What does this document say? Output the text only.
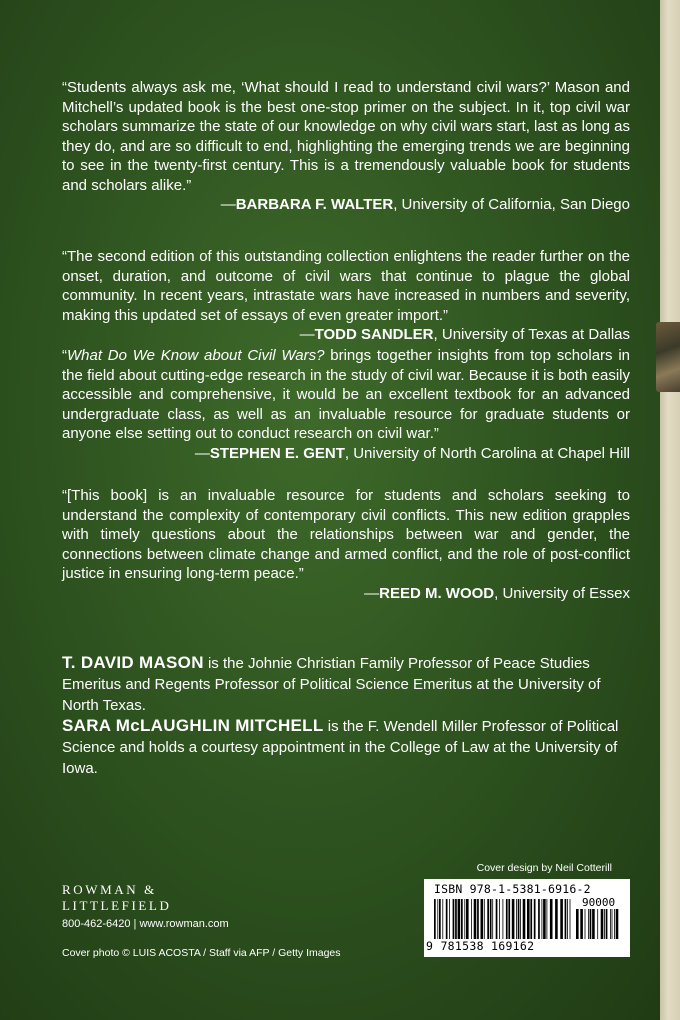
“Students always ask me, ‘What should I read to understand civil wars?’ Mason and Mitchell’s updated book is the best one-stop primer on the subject. In it, top civil war scholars summarize the state of our knowledge on why civil wars start, last as long as they do, and are so difficult to end, highlighting the emerging trends we are beginning to see in the twenty-first century. This is a tremendously valuable book for students and scholars alike.”
—BARBARA F. WALTER, University of California, San Diego
“The second edition of this outstanding collection enlightens the reader further on the onset, duration, and outcome of civil wars that continue to plague the global community. In recent years, intrastate wars have increased in numbers and severity, making this updated set of essays of even greater import.”
—TODD SANDLER, University of Texas at Dallas
“What Do We Know about Civil Wars? brings together insights from top scholars in the field about cutting-edge research in the study of civil war. Because it is both easily accessible and comprehensive, it would be an excellent textbook for an advanced undergraduate class, as well as an invaluable resource for graduate students or anyone else setting out to conduct research on civil war.”
—STEPHEN E. GENT, University of North Carolina at Chapel Hill
“[This book] is an invaluable resource for students and scholars seeking to understand the complexity of contemporary civil conflicts. This new edition grapples with timely questions about the relationships between war and gender, the connections between climate change and armed conflict, and the role of post-conflict justice in ensuring long-term peace.”
—REED M. WOOD, University of Essex
T. DAVID MASON is the Johnie Christian Family Professor of Peace Studies Emeritus and Regents Professor of Political Science Emeritus at the University of North Texas.
SARA McLAUGHLIN MITCHELL is the F. Wendell Miller Professor of Political Science and holds a courtesy appointment in the College of Law at the University of Iowa.
Cover design by Neil Cotterill
ISBN 978-1-5381-6916-2
90000
9 781538 169162
ROWMAN &
LITTLEFIELD
800-462-6420 | www.rowman.com
Cover photo © LUIS ACOSTA / Staff via AFP / Getty Images
